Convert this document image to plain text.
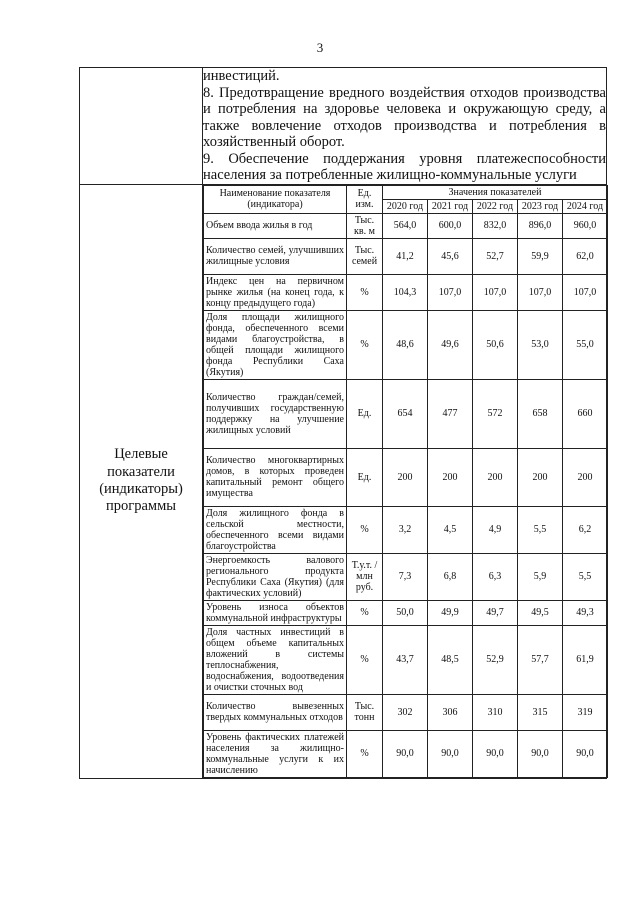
3

инвестиций.

8. Предотвращение вредного воздействия отходов производства и потребления на здоровье человека и окружающую среду, а также вовлечение отходов производства и потребления в хозяйственный оборот.

9. Обеспечение поддержания уровня платежеспособности населения за потребленные жилищно-коммунальные услуги

Целевые показатели (индикаторы) программы	
Наименование показателя (индикатора)	Ед. изм.	Значения показателей
2020 год	2021 год	2022 год	2023 год	2024 год
Объем ввода жилья в год	Тыс. кв. м	564,0	600,0	832,0	896,0	960,0
Количество семей, улучшивших жилищные условия	Тыс. семей	41,2	45,6	52,7	59,9	62,0
Индекс цен на первичном рынке жилья (на конец года, к концу предыдущего года)	%	104,3	107,0	107,0	107,0	107,0
Доля площади жилищного фонда, обеспеченного всеми видами благоустройства, в общей площади жилищного фонда Республики Саха (Якутия)	%	48,6	49,6	50,6	53,0	55,0
Количество граждан/семей, получивших государственную поддержку на улучшение жилищных условий	Ед.	654	477	572	658	660
Количество многоквартирных домов, в которых проведен капитальный ремонт общего имущества	Ед.	200	200	200	200	200
Доля жилищного фонда в сельской местности, обеспеченного всеми видами благоустройства	%	3,2	4,5	4,9	5,5	6,2
Энергоемкость валового регионального продукта Республики Саха (Якутия) (для фактических условий)	Т.у.т. /млн руб.	7,3	6,8	6,3	5,9	5,5
Уровень износа объектов коммунальной инфраструктуры	%	50,0	49,9	49,7	49,5	49,3
Доля частных инвестиций в общем объеме капитальных вложений в системы теплоснабжения, водоснабжения, водоотведения и очистки сточных вод	%	43,7	48,5	52,9	57,7	61,9
Количество вывезенных твердых коммунальных отходов	Тыс. тонн	302	306	310	315	319
Уровень фактических платежей населения за жилищно-коммунальные услуги к их начислению	%	90,0	90,0	90,0	90,0	90,0
